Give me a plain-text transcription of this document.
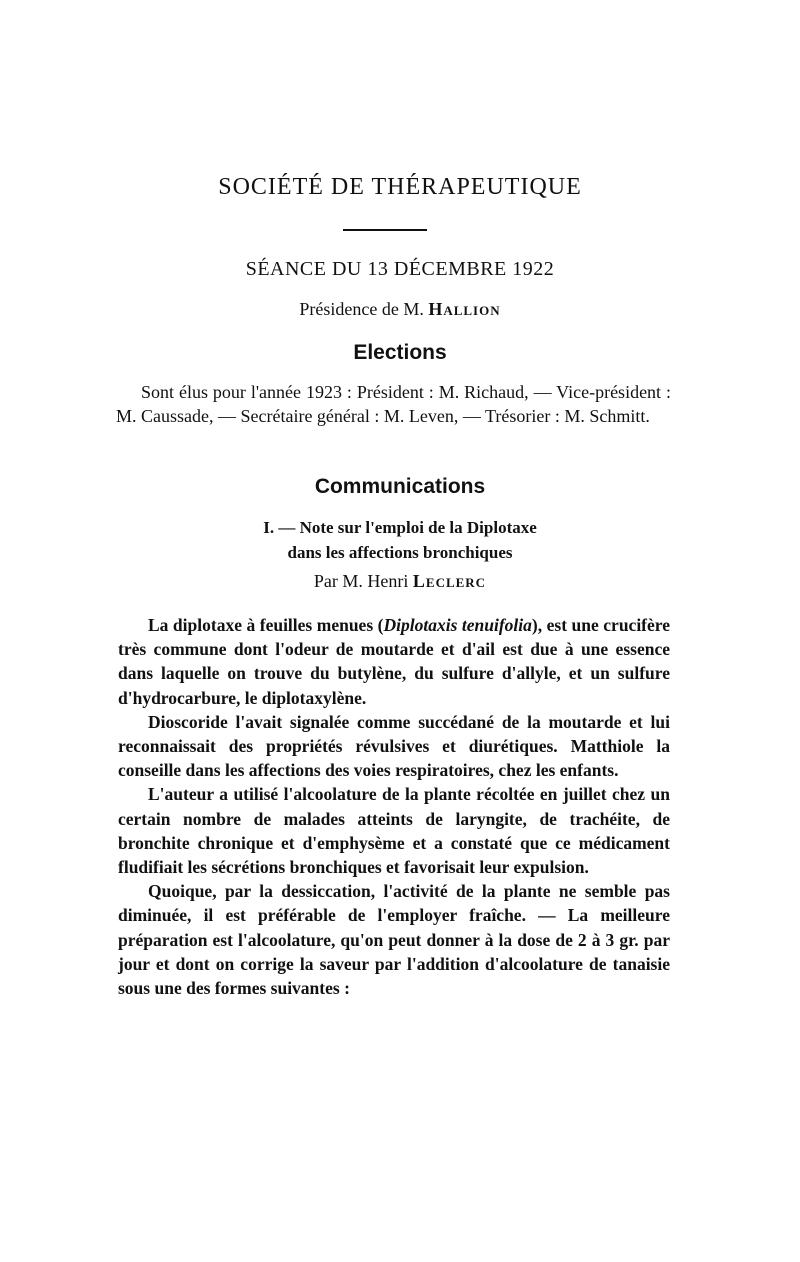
SOCIÉTÉ DE THÉRAPEUTIQUE
SÉANCE DU 13 DÉCEMBRE 1922
Présidence de M. Hallion
Elections

Sont élus pour l'année 1923 : Président : M. Richaud, — Vice-président : M. Caussade, — Secrétaire général : M. Leven, — Trésorier : M. Schmitt.

Communications
I. — Note sur l'emploi de la Diplotaxe
dans les affections bronchiques
Par M. Henri Leclerc

La diplotaxe à feuilles menues (Diplotaxis tenuifolia), est une crucifère très commune dont l'odeur de moutarde et d'ail est due à une essence dans laquelle on trouve du butylène, du sulfure d'allyle, et un sulfure d'hydrocarbure, le diplotaxylène.

Dioscoride l'avait signalée comme succédané de la moutarde et lui reconnaissait des propriétés révulsives et diurétiques. Matthiole la conseille dans les affections des voies respiratoires, chez les enfants.

L'auteur a utilisé l'alcoolature de la plante récoltée en juillet chez un certain nombre de malades atteints de laryngite, de trachéite, de bronchite chronique et d'emphysème et a constaté que ce médicament fludifiait les sécrétions bronchiques et favorisait leur expulsion.

Quoique, par la dessiccation, l'activité de la plante ne semble pas diminuée, il est préférable de l'employer fraîche. — La meilleure préparation est l'alcoolature, qu'on peut donner à la dose de 2 à 3 gr. par jour et dont on corrige la saveur par l'addition d'alcoolature de tanaisie sous une des formes suivantes :
